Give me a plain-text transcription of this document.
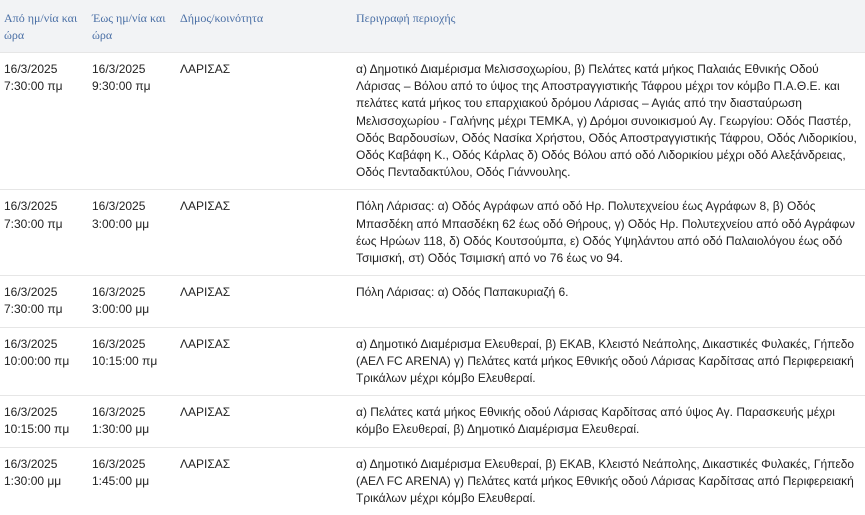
Από ημ/νία και ώρα	Έως ημ/νία και ώρα	Δήμος/κοινότητα	Περιγραφή περιοχής
16/3/2025 7:30:00 πμ	16/3/2025 9:30:00 πμ	ΛΑΡΙΣΑΣ	α) Δημοτικό Διαμέρισμα Μελισσοχωρίου, β) Πελάτες κατά μήκος Παλαιάς Εθνικής Οδού Λάρισας – Βόλου από το ύψος της Αποστραγγιστικής Τάφρου μέχρι τον κόμβο Π.Α.Θ.Ε. και πελάτες κατά μήκος του επαρχιακού δρόμου Λάρισας – Αγιάς από την διασταύρωση Μελισσοχωρίου - Γαλήνης μέχρι ΤΕΜΚΑ, γ) Δρόμοι συνοικισμού Αγ. Γεωργίου: Οδός Παστέρ, Οδός Βαρδουσίων, Οδός Νασίκα Χρήστου, Οδός Αποστραγγιστικής Τάφρου, Οδός Λιδορικίου, Οδός Καβάφη Κ., Οδός Κάρλας δ) Οδός Βόλου από οδό Λιδορικίου μέχρι οδό Αλεξάνδρειας, Οδός Πενταδακτύλου, Οδός Γιάννουλης.
16/3/2025 7:30:00 πμ	16/3/2025 3:00:00 μμ	ΛΑΡΙΣΑΣ	Πόλη Λάρισας: α) Οδός Αγράφων από οδό Ηρ. Πολυτεχνείου έως Αγράφων 8, β) Οδός Μπασδέκη από Μπασδέκη 62 έως οδό Θήρους, γ) Οδός Ηρ. Πολυτεχνείου από οδό Αγράφων έως Ηρώων 118, δ) Οδός Κουτσούμπα, ε) Οδός Υψηλάντου από οδό Παλαιολόγου έως οδό Τσιμισκή, στ) Οδός Τσιμισκή από νο 76 έως νο 94.
16/3/2025 7:30:00 πμ	16/3/2025 3:00:00 μμ	ΛΑΡΙΣΑΣ	Πόλη Λάρισας: α) Οδός Παπακυριαζή 6.
16/3/2025 10:00:00 πμ	16/3/2025 10:15:00 πμ	ΛΑΡΙΣΑΣ	α) Δημοτικό Διαμέρισμα Ελευθεραί, β) ΕΚΑΒ, Κλειστό Νεάπολης, Δικαστικές Φυλακές, Γήπεδο (ΑΕΛ FC ARENA) γ) Πελάτες κατά μήκος Εθνικής οδού Λάρισας Καρδίτσας από Περιφερειακή Τρικάλων μέχρι κόμβο Ελευθεραί.
16/3/2025 10:15:00 πμ	16/3/2025 1:30:00 μμ	ΛΑΡΙΣΑΣ	α) Πελάτες κατά μήκος Εθνικής οδού Λάρισας Καρδίτσας από ύψος Αγ. Παρασκευής μέχρι κόμβο Ελευθεραί, β) Δημοτικό Διαμέρισμα Ελευθεραί.
16/3/2025 1:30:00 μμ	16/3/2025 1:45:00 μμ	ΛΑΡΙΣΑΣ	α) Δημοτικό Διαμέρισμα Ελευθεραί, β) ΕΚΑΒ, Κλειστό Νεάπολης, Δικαστικές Φυλακές, Γήπεδο (ΑΕΛ FC ARENA) γ) Πελάτες κατά μήκος Εθνικής οδού Λάρισας Καρδίτσας από Περιφερειακή Τρικάλων μέχρι κόμβο Ελευθεραί.
